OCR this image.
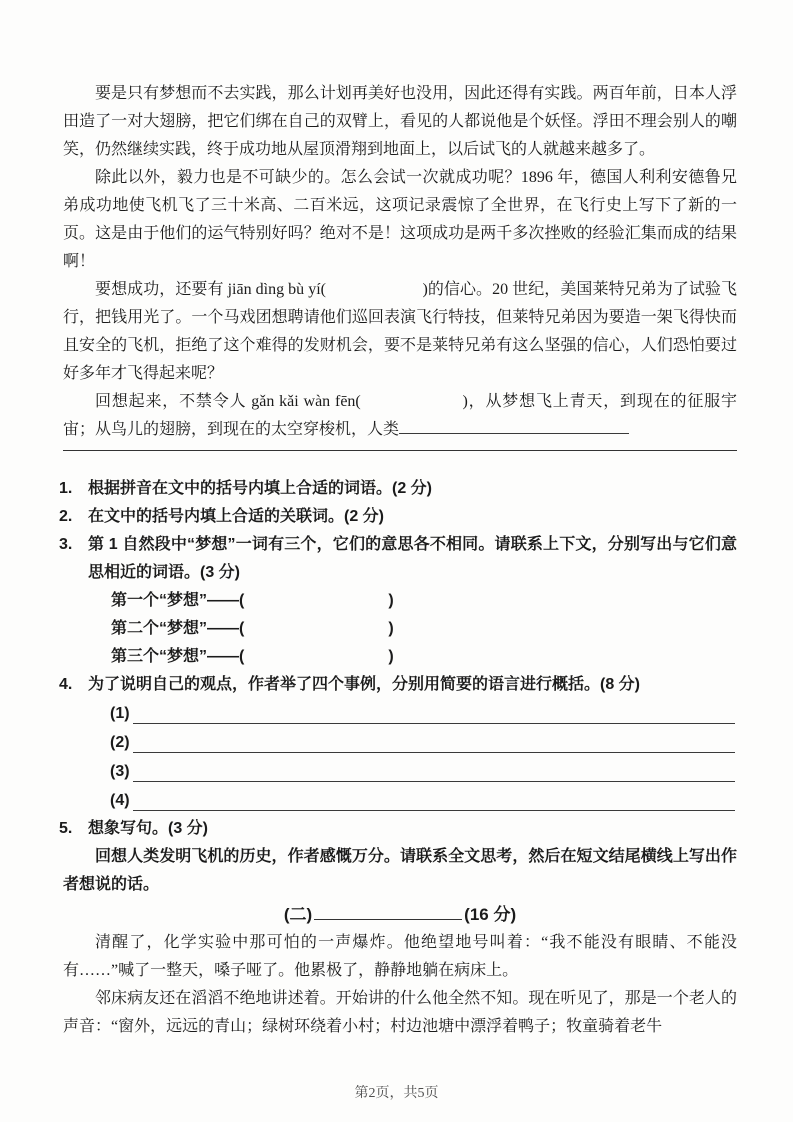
要是只有梦想而不去实践，那么计划再美好也没用，因此还得有实践。两百年前，日本人浮田造了一对大翅膀，把它们绑在自己的双臂上，看见的人都说他是个妖怪。浮田不理会别人的嘲笑，仍然继续实践，终于成功地从屋顶滑翔到地面上，以后试飞的人就越来越多了。

除此以外，毅力也是不可缺少的。怎么会试一次就成功呢？1896 年，德国人利利安德鲁兄弟成功地使飞机飞了三十米高、二百米远，这项记录震惊了全世界，在飞行史上写下了新的一页。这是由于他们的运气特别好吗？绝对不是！这项成功是两千多次挫败的经验汇集而成的结果啊！

要想成功，还要有 jiān dìng bù yí(　　　　　　)的信心。20 世纪，美国莱特兄弟为了试验飞行，把钱用光了。一个马戏团想聘请他们巡回表演飞行特技，但莱特兄弟因为要造一架飞得快而且安全的飞机，拒绝了这个难得的发财机会，要不是莱特兄弟有这么坚强的信心，人们恐怕要过好多年才飞得起来呢？

回想起来，不禁令人 gǎn kǎi wàn fēn(　　　　　　)，从梦想飞上青天，到现在的征服宇宙；从鸟儿的翅膀，到现在的太空穿梭机，人类

1. 根据拼音在文中的括号内填上合适的词语。(2 分)

2. 在文中的括号内填上合适的关联词。(2 分)

3. 第 1 自然段中“梦想”一词有三个，它们的意思各不相同。请联系上下文，分别写出与它们意思相近的词语。(3 分)

第一个“梦想”——(　　　　　　　　　)

第二个“梦想”——(　　　　　　　　　)

第三个“梦想”——(　　　　　　　　　)

4. 为了说明自己的观点，作者举了四个事例，分别用简要的语言进行概括。(8 分)

(1)
(2)
(3)
(4)

5. 想象写句。(3 分)

回想人类发明飞机的历史，作者感慨万分。请联系全文思考，然后在短文结尾横线上写出作者想说的话。

(二)	(16 分)

清醒了，化学实验中那可怕的一声爆炸。他绝望地号叫着：“我不能没有眼睛、不能没有……”喊了一整天，嗓子哑了。他累极了，静静地躺在病床上。

邻床病友还在滔滔不绝地讲述着。开始讲的什么他全然不知。现在听见了，那是一个老人的声音：“窗外，远远的青山；绿树环绕着小村；村边池塘中漂浮着鸭子；牧童骑着老牛

第2页，共5页
